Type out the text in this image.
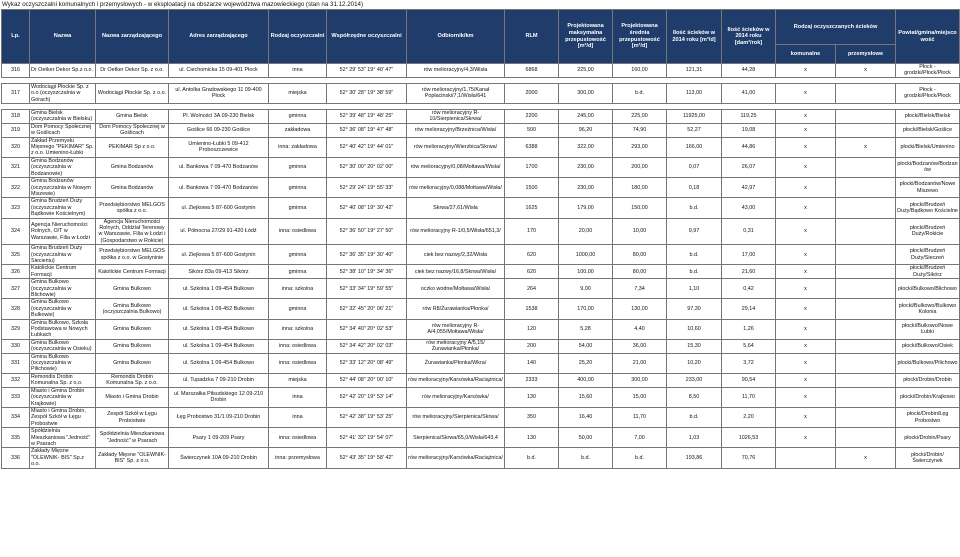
Wykaz oczyszczalni komunalnych i przemysłowych - w eksploatacji na obszarze województwa mazowieckiego (stan na 31.12.2014)
Lp.	Nazwa	Nazwa zarządzającego	Adres zarządzającego	Rodzaj oczyszczalni	Współrzędne oczyszczalni	Odbiornik/km	RLM	Projektowana maksymalna przepustowość [m³/d]	Projektowana średnia przepustowość [m³/d]	Ilość ścieków w 2014 roku [m³/d]	Ilość ścieków w 2014 roku [dam³/rok]	Rodzaj oczyszczanych ścieków		Powiat/gmina/miejscowość
												komunalne	przemysłowe	
316	Dr Oetker Dekor Sp.z o.o.	Dr Oetker Dekor Sp. z o.o.	ul. Ciechomicka 15 09-401 Płock	inna	52° 29' 53" 19° 40' 47"	rów melioracyjny/4,3/Wisła	6868	225,00	160,00	121,31	44,28	x	x	Płock - grodzki/Płock/Płock

317	Wodociągi Płockie Sp. z o.o (oczyszczalnia w Górach)	Wodociągi Płockie Sp. z o.o.	ul. Antolka Gradowskiego 11 09-400 Płock	miejska	52° 30' 28" 19° 38' 59"	rów melioracyjny/1,75/Kanał Popłacinski/7,1/Wisła/641	2000	300,00	b.d.	113,00	41,00	x		Płock - grodzki/Płock/Płock

318	Gmina Bielsk (oczyszczalnia w Bielsku)	Gmina Bielsk	Pl. Wolności 3A 09-230 Bielsk	gminna	52° 39' 48" 19° 48' 25"	rów melioracyjny R-10/Sierpienica/Skrwa/	2200	245,00	225,00	11925,00	119,25	x		płocki/Bielsk/Bielsk
319	Dom Pomocy Społecznej w Goślicach	Dom Pomocy Społecznej w Goślicach	Goślice 66 09-230 Goślice	zakładowa	52° 36' 08" 19° 47' 48"	rów melioracyjny/Brzeźnica/Wisła/	500	96,20	74,90	52,27	19,08	x		płocki/Bielsk/Goślice
320	Zakład Przemysłu Mięsnego "PEKIMAR" Sp. z o.o. Umienino-Łubki	PEKIMAR Sp z o.o.	Umienino-Łubki 5 09-412 Proboszczewice	inna: zakładowa	52° 40' 42" 19° 44' 01"	rów melioracyjny/Wierzbica/Skrwa/	6388	322,00	293,00	166,00	44,86	x	x	płocki/Bielsk/Umienino
321	Gmina Bodzanów (oczyszczalnia w Bodzanowie)	Gmina Bodzanów	ul. Bankowa 7 09-470 Bodzanów	gminna	52° 30' 00" 20° 02' 00"	rów melioracyjny/0,08/Mołtawa/Wisła/	1700	230,00	200,00	0,07	26,07	x		płocki/Bodzanów/Bodzanów
322	Gmina Bodzanów (oczyszczalnia w Nowym Miszewie)	Gmina Bodzanów	ul. Bankowa 7 09-470 Bodzanów	gminna	52° 29' 24" 19° 55' 33"	rów melioracyjny/0,088/Mołtawa/Wisła/	1500	230,00	180,00	0,18	42,97	x		płocki/Bodzanów/Nowe Miszewo
323	Gmina Brudzeń Duży (oczyszczalnia w Bądkowie Kościelnym)	Przedsiębiorstwo MELGOS spółka z o.o.	ul. Ziejkowa 5 87-600 Gostynin	gminna	52° 40' 08" 19° 30' 42"	Skrwa/27,61/Wisła	1625	179,00	150,00	b.d.	43,00	x		płocki/Brudzeń Duży/Bądkowo Kościelne
324	Agencja Nieruchomości Rolnych, O/T w Warszawie, Filia w Łodzi	Agencja Nieruchomości Rolnych, Oddział Terenowy w Warszawie, Filia w Łodzi i (Gospodarstwo w Rokicie)	ul. Północna 27/29 91-420 Łódź	inna: osiedlowa	52° 36' 50" 19° 27' 50"	rów melioracyjny R-1/0,5/Wisła/651,3/	170	20,00	10,00	9,97	0,31	x		płocki/Brudzeń Duży/Rokicie
325	Gmina Brudzeń Duży (oczyszczalnia w Siecieniu)	Przedsiębiorstwo MELGOS spółka z o.o. w Gostyninie	ul. Ziejkowa 5 87-600 Gostynin	gminna	52° 36' 35" 19° 30' 40"	ciek bez nazwy/2,32/Wisła	620	1000,00	80,00	b.d.	17,00	x		płocki/Brudzeń Duży/Sieczeń
326	Katolickie Centrum Formacji	Katolickie Centrum Formacji	Sikórz 83a 09-413 Sikórz	gminna	52° 38' 10" 19° 34' 36"	ciek bez nazwy/16,8/Skrwa/Wisła/	620	100,00	80,00	b.d.	21,60	x		płocki/Brudzeń Duży/Sikórz
327	Gmina Bulkowo (oczyszczalnia w Blichowie)	Gmina Bulkowo	ul. Szkolna 1 09-454 Bulkowo	inna: szkolna	52° 33' 34" 19° 59' 55"	oczko wodne/Mołtawa/Wisła/	264	9,00	7,34	1,10	0,42	x		płocki/Bulkowo/Blichowo
328	Gmina Bulkowo (oczyszczalnia w Bulkowie)	Gmina Bulkowo (oczyszczalnia Bulkowo)	ul. Szkolna 1 09-452 Bulkowo	gminna	52° 32' 45" 20° 06' 21"	rów R8/Żurawianka/Płonka/	1538	170,00	130,00	97,30	29,14	x		płocki/Bulkowo/Bulkowo Kolonia
329	Gmina Bulkowo, Szkoła Podstawowa w Nowych Łubkach	Gmina Bulkowo	ul. Szkolna 1 09-454 Bulkowo	inna: szkolna	52° 34' 40" 20° 02' 53"	rów melioracyjny R-A/4,055/Mołtawa/Wisła/	120	5,28	4,40	10,60	1,26	x		płocki/Bulkowo/Nowe Łubki
330	Gmina Bulkowo (oczyszczalnia w Osieku)	Gmina Bulkowo	ul. Szkolna 1 09-454 Bulkowo	inna: osiedlowa	52° 34' 42" 20° 02' 03"	rów melioracyjny A/5,15/Żurawianka/Płonka/	200	54,00	36,00	15,30	5,64	x		płocki/Bulkowo/Osiek
331	Gmina Bulkowo (oczyszczalnia w Pilichowie)	Gmina Bulkowo	ul. Szkolna 1 09-454 Bulkowo	inna: osiedlowa	52° 33' 12" 20° 08' 49"	Żurawianka/Płonka/Wkra/	140	25,20	21,00	10,20	3,72	x		płocki/Bulkowo/Pilichowo
332	Remondis Drobin Komunalna Sp. z o.o.	Remondis Drobin Komunalna Sp. z o.o.	ul. Tupadzka 7 09-210 Drobin	miejska	52° 44' 08" 20° 00' 10"	rów melioracyjny/Karsówka/Raciążnica/	2333	400,00	300,00	233,00	90,54	x		płocki/Drobin/Drobin
333	Miasto i Gmina Drobin (oczyszczalnia w Krajkowie)	Miasto i Gmina Drobin	ul. Marszałka Piłsudskiego 12 09-210 Drobin	inna	52° 42' 20" 19° 53' 14"	rów melioracyjny/Karsówka/	130	15,60	15,00	8,50	11,70	x		płocki/Drobin/Krajkowo
334	Miasto i Gmina Drobin, Zespół Szkół w Łęgu Probostwie	Zespół Szkół w Łęgu Probostwie	Łęg Probostwo 31/1 09-210 Drobin	inna	52° 42' 38" 19° 53' 25"	rów melioracyjny/Sierpienica/Skrwa/	350	16,40	11,70	b.d.	2,20	x		płocki/Drobin/Łęg Probostwo
335	Spółdzielnia Mieszkaniowa "Jedność" w Psarach	Spółdzielnia Mieszkaniowa "Jedność" w Psarach	Psary 1 09-209 Psary	inna: osiedlowa	52° 41' 32" 19° 54' 07"	Sierpienica/Skrwa/65,0/Wisła/643,4	130	50,00	7,00	1,03	1026,53	x		płocki/Drobin/Psary
336	Zakłady Mięsne "OLEWNIK- BIS" Sp.z o.o.	Zakłady Mięsne "OLEWNIK- BIS" Sp. z o.o.	Świerczynek 10A 09-210 Drobin	inna: przemysłowa	52° 43' 35" 19° 58' 42"	rów melioracyjny/Karsówka/Raciążnica/	b.d.	b.d.	b.d.	193,86	70,76		x	płocki/Drobin/Świerczynek
